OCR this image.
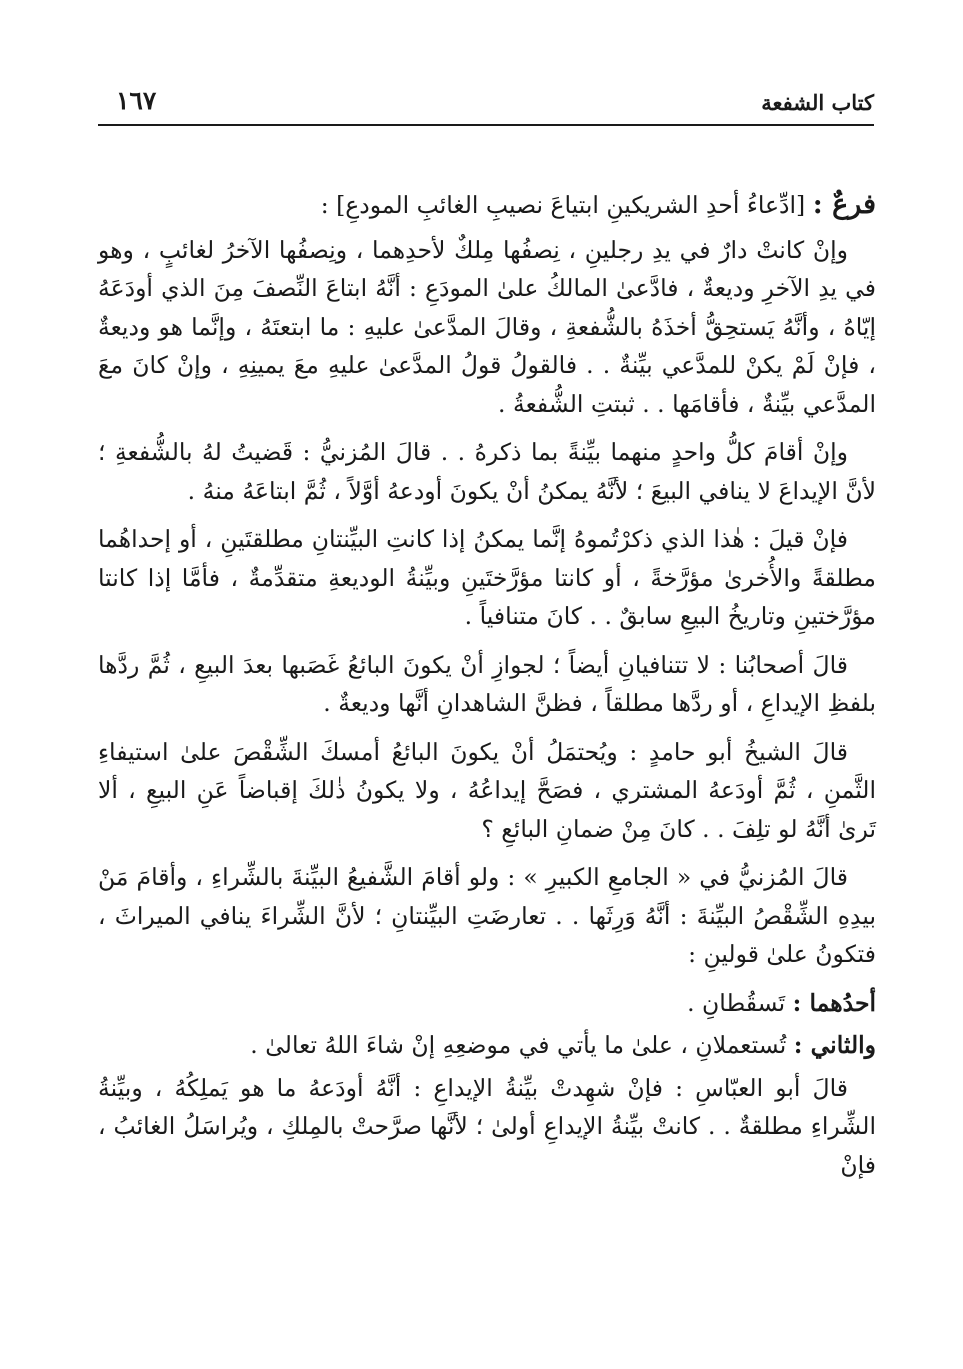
كتاب الشفعة
١٦٧

فرعٌ : [ادِّعاءُ أحدِ الشريكينِ ابتياعَ نصيبِ الغائبِ المودعِ] :

وإنْ كانتْ دارٌ في يدِ رجلينِ ، نِصفُها مِلكٌ لأحدِهما ، ونِصفُها الآخرُ لغائبٍ ، وهو في يدِ الآخرِ وديعةٌ ، فادَّعىٰ المالكُ علىٰ المودَعِ : أنَّهُ ابتاعَ النِّصفَ مِنَ الذي أودَعَهُ إيّاهُ ، وأنَّهُ يَستحِقُّ أخذَهُ بالشُّفعةِ ، وقالَ المدَّعىٰ عليهِ : ما ابتعتَهُ ، وإنَّما هو وديعةٌ ، فإنْ لَمْ يكنْ للمدَّعي بيِّنةٌ . . فالقولُ قولُ المدَّعىٰ عليهِ معَ يمينِهِ ، وإنْ كانَ معَ المدَّعي بيِّنةٌ ، فأقامَها . . ثبتتِ الشُّفعةُ .

وإنْ أقامَ كلُّ واحدٍ منهما بيِّنةً بما ذكرهُ . . قالَ المُزنيُّ : قَضيتُ لهُ بالشُّفعةِ ؛ لأنَّ الإيداعَ لا ينافي البيعَ ؛ لأنَّهُ يمكنُ أنْ يكونَ أودعهُ أوَّلاً ، ثُمَّ ابتاعَهُ منهُ .

فإنْ قيلَ : هٰذا الذي ذكرْتُموهُ إنَّما يمكنُ إذا كانتِ البيِّنتانِ مطلقتَينِ ، أو إحداهُما مطلقةً والأُخرىٰ مؤرَّخةً ، أو كانتا مؤرَّختَينِ وبيِّنةُ الوديعةِ متقدِّمةٌ ، فأمَّا إذا كانتا مؤرَّختينِ وتاريخُ البيعِ سابقٌ . . كانَ متنافياً .

قالَ أصحابُنا : لا تتنافيانِ أيضاً ؛ لجوازِ أنْ يكونَ البائعُ غَصَبها بعدَ البيعِ ، ثُمَّ ردَّها بلفظِ الإيداعِ ، أو ردَّها مطلقاً ، فظنَّ الشاهدانِ أنَّها وديعةٌ .

قالَ الشيخُ أبو حامدٍ : ويُحتمَلُ أنْ يكونَ البائعُ أمسكَ الشِّقْصَ علىٰ استيفاءِ الثَّمنِ ، ثُمَّ أودَعهُ المشتري ، فصَحَّ إيداعُهُ ، ولا يكونُ ذٰلكَ إقباضاً عَنِ البيعِ ، ألا تَرىٰ أنَّهُ لو تلِفَ . . كانَ مِنْ ضمانِ البائعِ ؟

قالَ المُزنيُّ في « الجامعِ الكبيرِ » : ولو أقامَ الشَّفيعُ البيِّنةَ بالشِّراءِ ، وأقامَ مَنْ بيدِهِ الشِّقْصُ البيِّنةَ : أنَّهُ وَرِثَها . . تعارضَتِ البيِّنتانِ ؛ لأنَّ الشِّراءَ ينافي الميراثَ ، فتكونُ علىٰ قولينِ :

أحدُهما : تَسقُطانِ .

والثاني : تُستعملانِ ، علىٰ ما يأتي في موضعِهِ إنْ شاءَ اللهُ تعالىٰ .

قالَ أبو العبّاسِ : فإنْ شهِدتْ بيِّنةُ الإيداعِ : أنَّهُ أودَعهُ ما هو يَملِكُهُ ، وبيِّنةُ الشِّراءِ مطلقةٌ . . كانتْ بيِّنةُ الإيداعِ أولىٰ ؛ لأنَّها صرَّحتْ بالمِلكِ ، ويُراسَلُ الغائبُ ، فإنْ
